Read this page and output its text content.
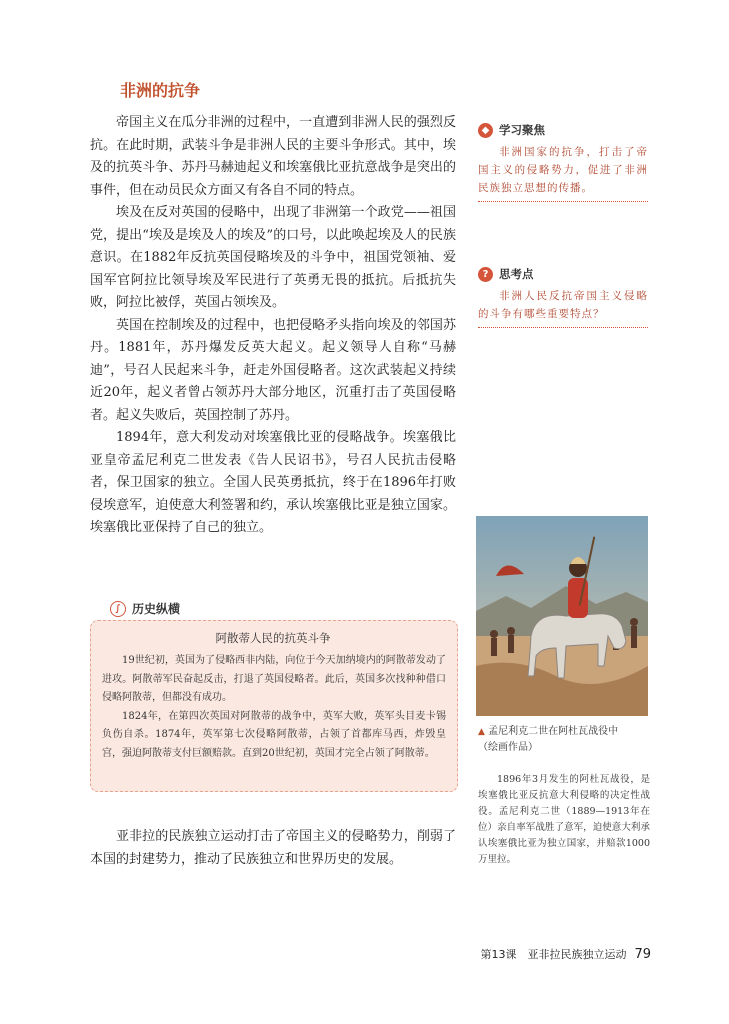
非洲的抗争

帝国主义在瓜分非洲的过程中，一直遭到非洲人民的强烈反抗。在此时期，武装斗争是非洲人民的主要斗争形式。其中，埃及的抗英斗争、苏丹马赫迪起义和埃塞俄比亚抗意战争是突出的事件，但在动员民众方面又有各自不同的特点。

埃及在反对英国的侵略中，出现了非洲第一个政党——祖国党，提出“埃及是埃及人的埃及”的口号，以此唤起埃及人的民族意识。在1882年反抗英国侵略埃及的斗争中，祖国党领袖、爱国军官阿拉比领导埃及军民进行了英勇无畏的抵抗。后抵抗失败，阿拉比被俘，英国占领埃及。

英国在控制埃及的过程中，也把侵略矛头指向埃及的邻国苏丹。1881年，苏丹爆发反英大起义。起义领导人自称“马赫迪”，号召人民起来斗争，赶走外国侵略者。这次武装起义持续近20年，起义者曾占领苏丹大部分地区，沉重打击了英国侵略者。起义失败后，英国控制了苏丹。

1894年，意大利发动对埃塞俄比亚的侵略战争。埃塞俄比亚皇帝孟尼利克二世发表《告人民诏书》，号召人民抗击侵略者，保卫国家的独立。全国人民英勇抵抗，终于在1896年打败侵埃意军，迫使意大利签署和约，承认埃塞俄比亚是独立国家。埃塞俄比亚保持了自己的独立。

◆ 学习聚焦
非洲国家的抗争，打击了帝国主义的侵略势力，促进了非洲民族独立思想的传播。
? 思考点
非洲人民反抗帝国主义侵略的斗争有哪些重要特点？
▲ 孟尼利克二世在阿杜瓦战役中
（绘画作品）
1896年3月发生的阿杜瓦战役，是埃塞俄比亚反抗意大利侵略的决定性战役。孟尼利克二世（1889—1913年在位）亲自率军战胜了意军，迫使意大利承认埃塞俄比亚为独立国家，并赔款1000万里拉。
∫ 历史纵横
阿散蒂人民的抗英斗争

19世纪初，英国为了侵略西非内陆，向位于今天加纳境内的阿散蒂发动了进攻。阿散蒂军民奋起反击，打退了英国侵略者。此后，英国多次找种种借口侵略阿散蒂，但都没有成功。

1824年，在第四次英国对阿散蒂的战争中，英军大败，英军头目麦卡锡负伤自杀。1874年，英军第七次侵略阿散蒂，占领了首都库马西，炸毁皇宫，强迫阿散蒂支付巨额赔款。直到20世纪初，英国才完全占领了阿散蒂。

亚非拉的民族独立运动打击了帝国主义的侵略势力，削弱了本国的封建势力，推动了民族独立和世界历史的发展。

第13课　亚非拉民族独立运动 79
